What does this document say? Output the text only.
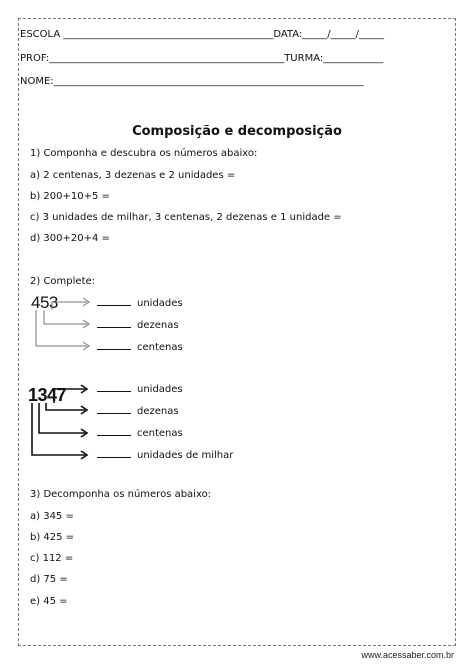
ESCOLA __________________________________________DATA:_____/_____/_____
PROF:_______________________________________________TURMA:____________
NOME:______________________________________________________________
Composição e decomposição
1) Componha e descubra os números abaixo:
a) 2 centenas, 3 dezenas e 2 unidades =
b) 200+10+5 =
c) 3 unidades de milhar, 3 centenas, 2 dezenas e 1 unidade =
d) 300+20+4 =
2) Complete:
453	unidades
dezenas
centenas
1347	unidades
dezenas
centenas
unidades de milhar
3) Decomponha os números abaixo:
a) 345 =
b) 425 =
c) 112 =
d) 75 =
e) 45 =
www.acessaber.com.br
